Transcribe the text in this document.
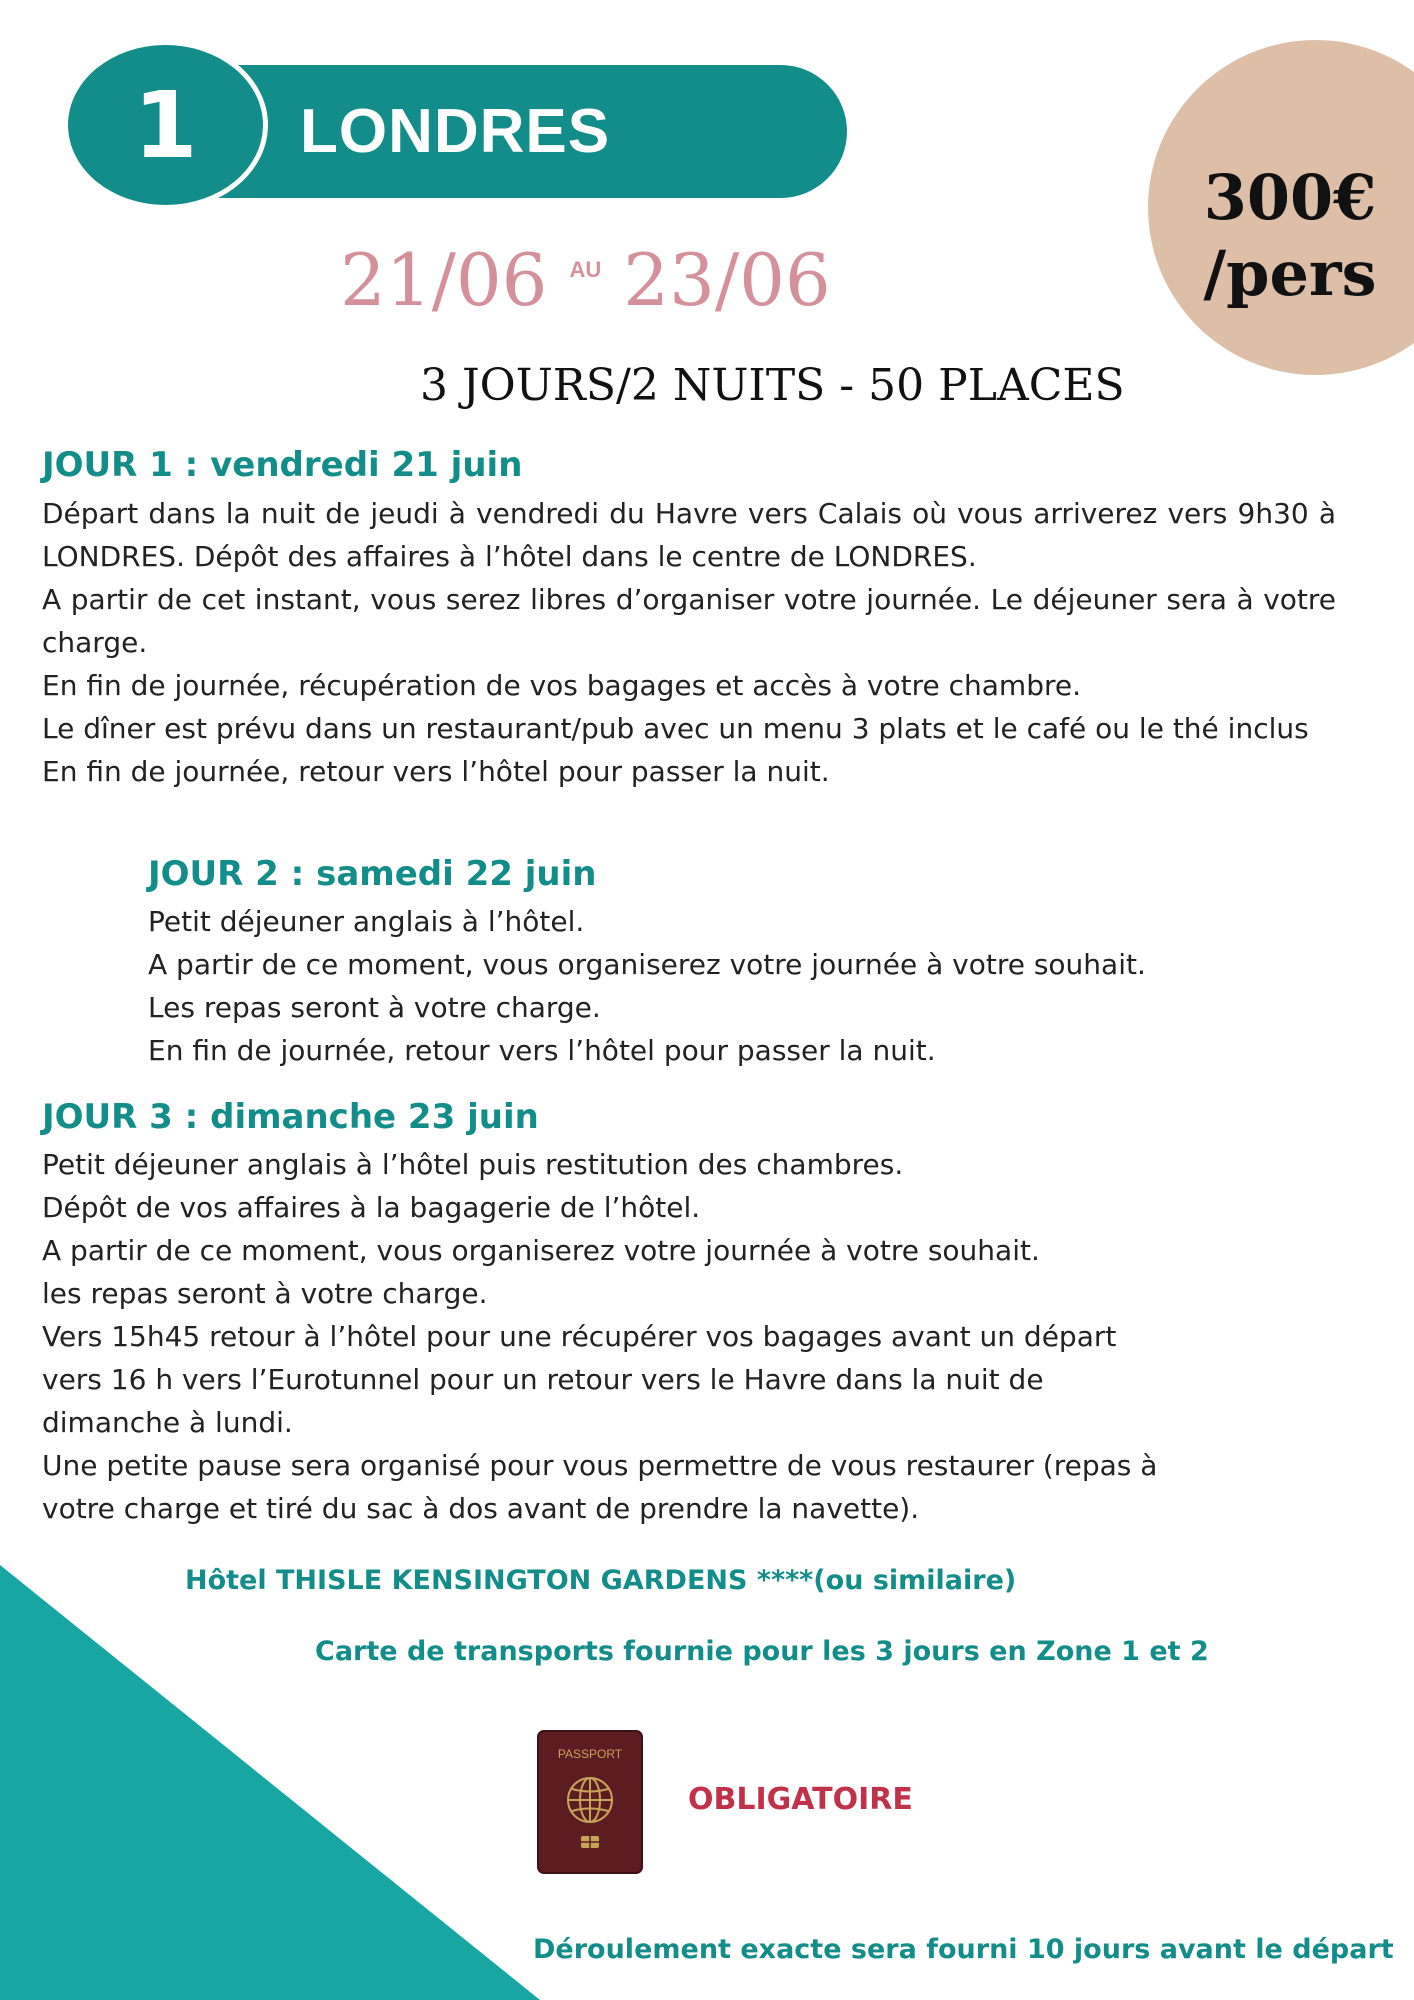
LONDRES
1
300€
/pers
21/06 $^{AU}$ 23/06
3 JOURS/2 NUITS - 50 PLACES
JOUR 1 : vendredi 21 juin

Départ dans la nuit de jeudi à vendredi du Havre vers Calais où vous arriverez vers 9h30 à LONDRES. Dépôt des affaires à l’hôtel dans le centre de LONDRES.

A partir de cet instant, vous serez libres d’organiser votre journée. Le déjeuner sera à votre charge.

En fin de journée, récupération de vos bagages et accès à votre chambre.

Le dîner est prévu dans un restaurant/pub avec un menu 3 plats et le café ou le thé inclus

En fin de journée, retour vers l’hôtel pour passer la nuit.

JOUR 2 : samedi 22 juin

Petit déjeuner anglais à l’hôtel.

A partir de ce moment, vous organiserez votre journée à votre souhait.

Les repas seront à votre charge.

En fin de journée, retour vers l’hôtel pour passer la nuit.

JOUR 3 : dimanche 23 juin

Petit déjeuner anglais à l’hôtel puis restitution des chambres.

Dépôt de vos affaires à la bagagerie de l’hôtel.

A partir de ce moment, vous organiserez votre journée à votre souhait.

les repas seront à votre charge.

Vers 15h45 retour à l’hôtel pour une récupérer vos bagages avant un départ

vers 16 h vers l’Eurotunnel pour un retour vers le Havre dans la nuit de

dimanche à lundi.

Une petite pause sera organisé pour vous permettre de vous restaurer (repas à

votre charge et tiré du sac à dos avant de prendre la navette).

Hôtel THISLE KENSINGTON GARDENS ****(ou similaire)
Carte de transports fournie pour les 3 jours en Zone 1 et 2
PASSPORT
OBLIGATOIRE
Déroulement exacte sera fourni 10 jours avant le départ
